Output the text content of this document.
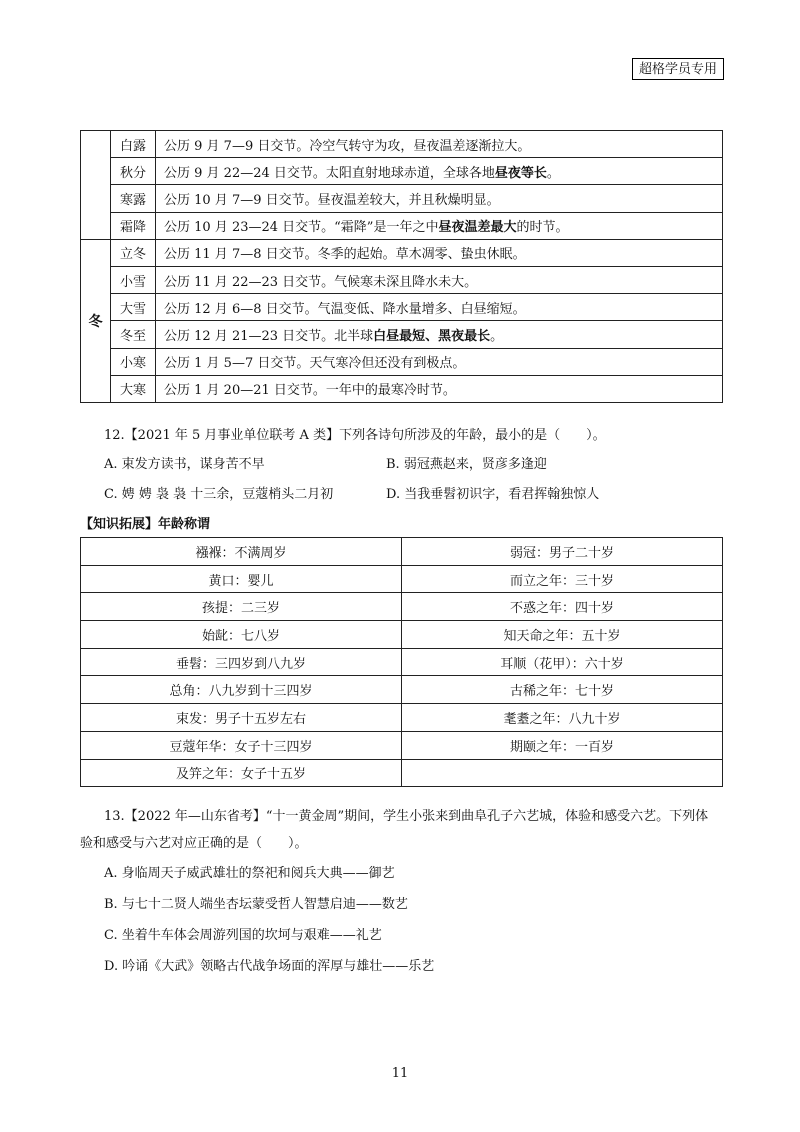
超格学员专用
	白露	公历 9 月 7—9 日交节。冷空气转守为攻，昼夜温差逐渐拉大。
	秋分	公历 9 月 22—24 日交节。太阳直射地球赤道，全球各地昼夜等长。
	寒露	公历 10 月 7—9 日交节。昼夜温差较大，并且秋燥明显。
	霜降	公历 10 月 23—24 日交节。“霜降”是一年之中昼夜温差最大的时节。
冬	立冬	公历 11 月 7—8 日交节。冬季的起始。草木凋零、蛰虫休眠。
	小雪	公历 11 月 22—23 日交节。气候寒未深且降水未大。
	大雪	公历 12 月 6—8 日交节。气温变低、降水量增多、白昼缩短。
	冬至	公历 12 月 21—23 日交节。北半球白昼最短、黑夜最长。
	小寒	公历 1 月 5—7 日交节。天气寒冷但还没有到极点。
	大寒	公历 1 月 20—21 日交节。一年中的最寒冷时节。
12.【2021 年 5 月事业单位联考 A 类】下列各诗句所涉及的年龄，最小的是（　　）。
A. 束发方读书，谋身苦不早	B. 弱冠燕赵来，贤彦多逢迎
C. 娉 娉 袅 袅 十三余，豆蔻梢头二月初	D. 当我垂髫初识字，看君挥翰独惊人
【知识拓展】年龄称谓
襁褓：不满周岁	弱冠：男子二十岁
黄口：婴儿	而立之年：三十岁
孩提：二三岁	不惑之年：四十岁
始龀：七八岁	知天命之年：五十岁
垂髫：三四岁到八九岁	耳顺（花甲）：六十岁
总角：八九岁到十三四岁	古稀之年：七十岁
束发：男子十五岁左右	耄耋之年：八九十岁
豆蔻年华：女子十三四岁	期颐之年：一百岁
及笄之年：女子十五岁	
13.【2022 年—山东省考】“十一黄金周”期间，学生小张来到曲阜孔子六艺城，体验和感受六艺。下列体
验和感受与六艺对应正确的是（　　）。
A. 身临周天子威武雄壮的祭祀和阅兵大典——御艺
B. 与七十二贤人端坐杏坛蒙受哲人智慧启迪——数艺
C. 坐着牛车体会周游列国的坎坷与艰难——礼艺
D. 吟诵《大武》领略古代战争场面的浑厚与雄壮——乐艺
11
